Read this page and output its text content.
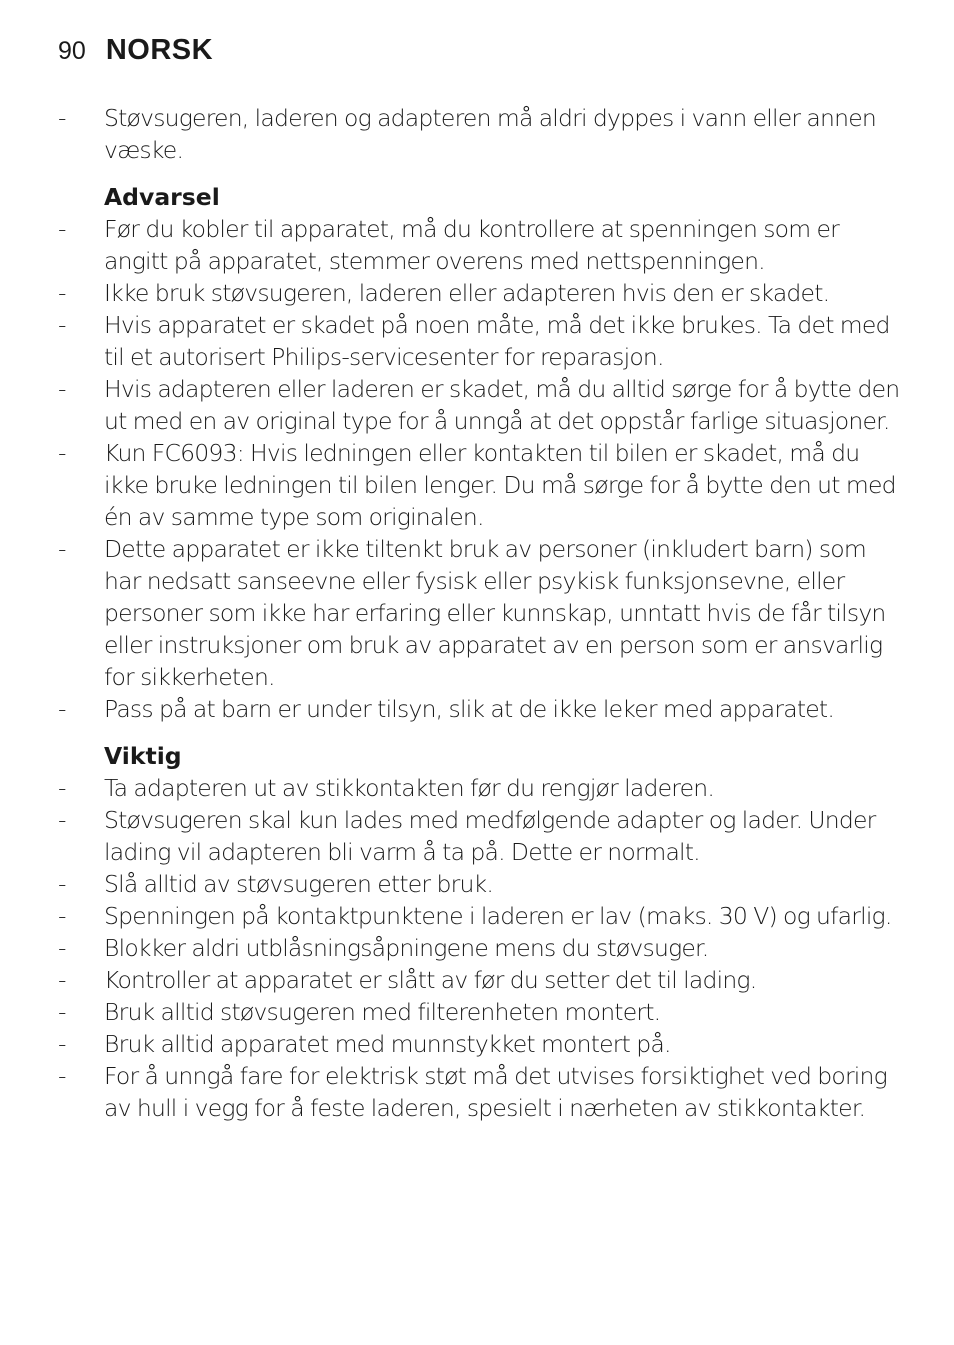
90 NORSK
-	Støvsugeren, laderen og adapteren må aldri dyppes i vann eller annen væske.
Advarsel
-	Før du kobler til apparatet, må du kontrollere at spenningen som er angitt på apparatet, stemmer overens med nettspenningen.
-	Ikke bruk støvsugeren, laderen eller adapteren hvis den er skadet.
-	Hvis apparatet er skadet på noen måte, må det ikke brukes. Ta det med til et autorisert Philips-servicesenter for reparasjon.
-	Hvis adapteren eller laderen er skadet, må du alltid sørge for å bytte den ut med en av original type for å unngå at det oppstår farlige situasjoner.
-	Kun FC6093: Hvis ledningen eller kontakten til bilen er skadet, må du ikke bruke ledningen til bilen lenger. Du må sørge for å bytte den ut med én av samme type som originalen.
-	Dette apparatet er ikke tiltenkt bruk av personer (inkludert barn) som har nedsatt sanseevne eller fysisk eller psykisk funksjonsevne, eller personer som ikke har erfaring eller kunnskap, unntatt hvis de får tilsyn eller instruksjoner om bruk av apparatet av en person som er ansvarlig for sikkerheten.
-	Pass på at barn er under tilsyn, slik at de ikke leker med apparatet.
Viktig
-	Ta adapteren ut av stikkontakten før du rengjør laderen.
-	Støvsugeren skal kun lades med medfølgende adapter og lader. Under lading vil adapteren bli varm å ta på. Dette er normalt.
-	Slå alltid av støvsugeren etter bruk.
-	Spenningen på kontaktpunktene i laderen er lav (maks. 30 V) og ufarlig.
-	Blokker aldri utblåsningsåpningene mens du støvsuger.
-	Kontroller at apparatet er slått av før du setter det til lading.
-	Bruk alltid støvsugeren med filterenheten montert.
-	Bruk alltid apparatet med munnstykket montert på.
-	For å unngå fare for elektrisk støt må det utvises forsiktighet ved boring av hull i vegg for å feste laderen, spesielt i nærheten av stikkontakter.
